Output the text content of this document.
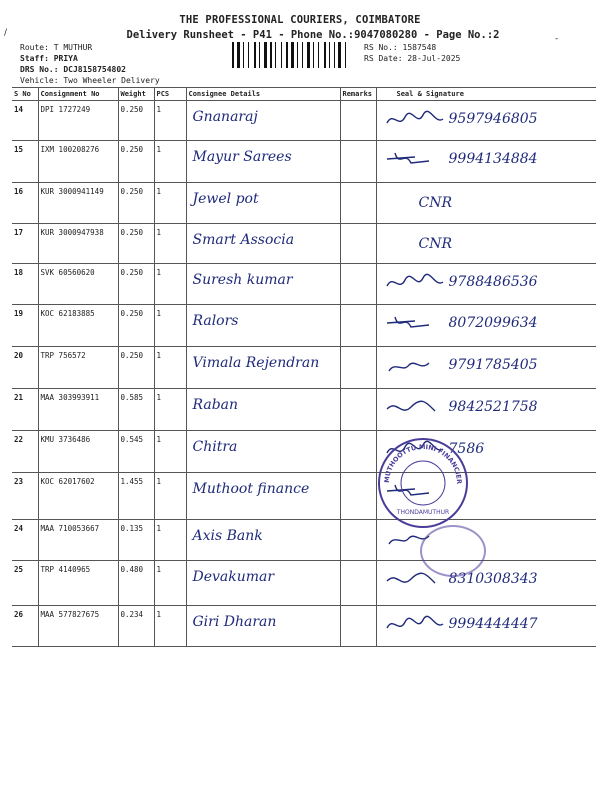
THE PROFESSIONAL COURIERS, COIMBATORE
Delivery Runsheet - P41 - Phone No.:9047080280 - Page No.:2
/
-
Route: T MUTHUR
Staff: PRIYA
DRS No.: DCJ8158754802
Vehicle: Two Wheeler Delivery
RS No.: 1587548
RS Date: 28-Jul-2025
S No	Consignment No	Weight	PCS	Consignee Details	Remarks	Seal & Signature
14	DPI 1727249	0.250	1	Gnanaraj		9597946805

15	IXM 100208276	0.250	1	Mayur Sarees		9994134884

16	KUR 3000941149	0.250	1	Jewel pot		CNR

17	KUR 3000947938	0.250	1	Smart Associa		CNR

18	SVK 60560620	0.250	1	Suresh kumar		9788486536

19	KOC 62183885	0.250	1	Ralors		8072099634

20	TRP 756572	0.250	1	Vimala Rejendran		9791785405

21	MAA 303993911	0.585	1	Raban		9842521758

22	KMU 3736486	0.545	1	Chitra		7586

23	KOC 62017602	1.455	1	Muthoot finance

24	MAA 710053667	0.135	1	Axis Bank

25	TRP 4140965	0.480	1	Devakumar		8310308343

26	MAA 577827675	0.234	1	Giri Dharan		9994444447
MUTHOOTTU MINI FINANCIER
THONDAMUTHUR
